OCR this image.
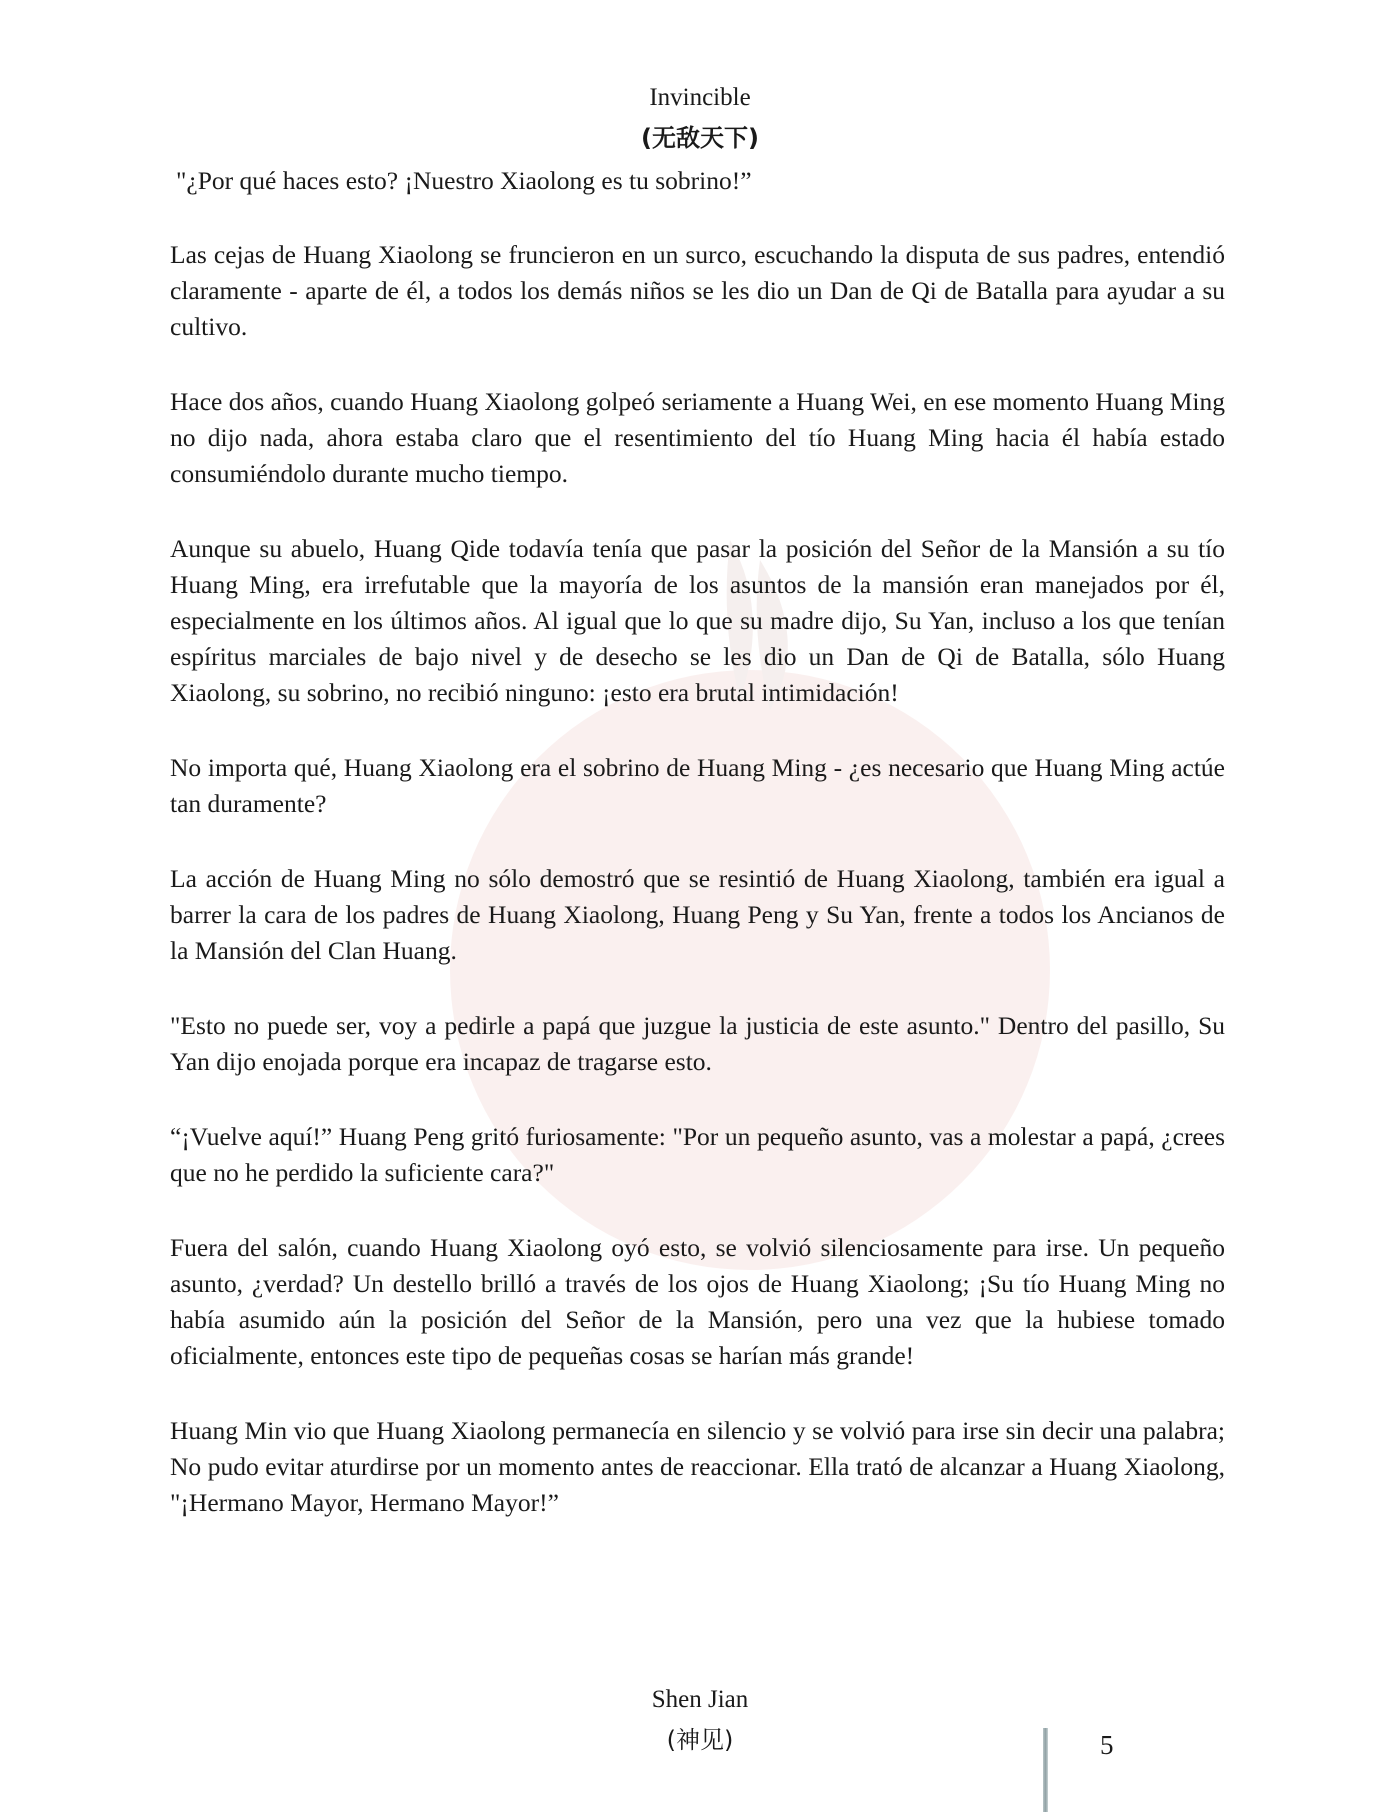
Invincible
(无敌天下)

"¿Por qué haces esto? ¡Nuestro Xiaolong es tu sobrino!”

Las cejas de Huang Xiaolong se fruncieron en un surco, escuchando la disputa de sus padres, entendió claramente - aparte de él, a todos los demás niños se les dio un Dan de Qi de Batalla para ayudar a su cultivo.

Hace dos años, cuando Huang Xiaolong golpeó seriamente a Huang Wei, en ese momento Huang Ming no dijo nada, ahora estaba claro que el resentimiento del tío Huang Ming hacia él había estado consumiéndolo durante mucho tiempo.

Aunque su abuelo, Huang Qide todavía tenía que pasar la posición del Señor de la Mansión a su tío Huang Ming, era irrefutable que la mayoría de los asuntos de la mansión eran manejados por él, especialmente en los últimos años. Al igual que lo que su madre dijo, Su Yan, incluso a los que tenían espíritus marciales de bajo nivel y de desecho se les dio un Dan de Qi de Batalla, sólo Huang Xiaolong, su sobrino, no recibió ninguno: ¡esto era brutal intimidación!

No importa qué, Huang Xiaolong era el sobrino de Huang Ming - ¿es necesario que Huang Ming actúe tan duramente?

La acción de Huang Ming no sólo demostró que se resintió de Huang Xiaolong, también era igual a barrer la cara de los padres de Huang Xiaolong, Huang Peng y Su Yan, frente a todos los Ancianos de la Mansión del Clan Huang.

"Esto no puede ser, voy a pedirle a papá que juzgue la justicia de este asunto." Dentro del pasillo, Su Yan dijo enojada porque era incapaz de tragarse esto.

“¡Vuelve aquí!” Huang Peng gritó furiosamente: "Por un pequeño asunto, vas a molestar a papá, ¿crees que no he perdido la suficiente cara?"

Fuera del salón, cuando Huang Xiaolong oyó esto, se volvió silenciosamente para irse. Un pequeño asunto, ¿verdad? Un destello brilló a través de los ojos de Huang Xiaolong; ¡Su tío Huang Ming no había asumido aún la posición del Señor de la Mansión, pero una vez que la hubiese tomado oficialmente, entonces este tipo de pequeñas cosas se harían más grande!

Huang Min vio que Huang Xiaolong permanecía en silencio y se volvió para irse sin decir una palabra; No pudo evitar aturdirse por un momento antes de reaccionar. Ella trató de alcanzar a Huang Xiaolong, "¡Hermano Mayor, Hermano Mayor!”

Shen Jian
(神见)	5
